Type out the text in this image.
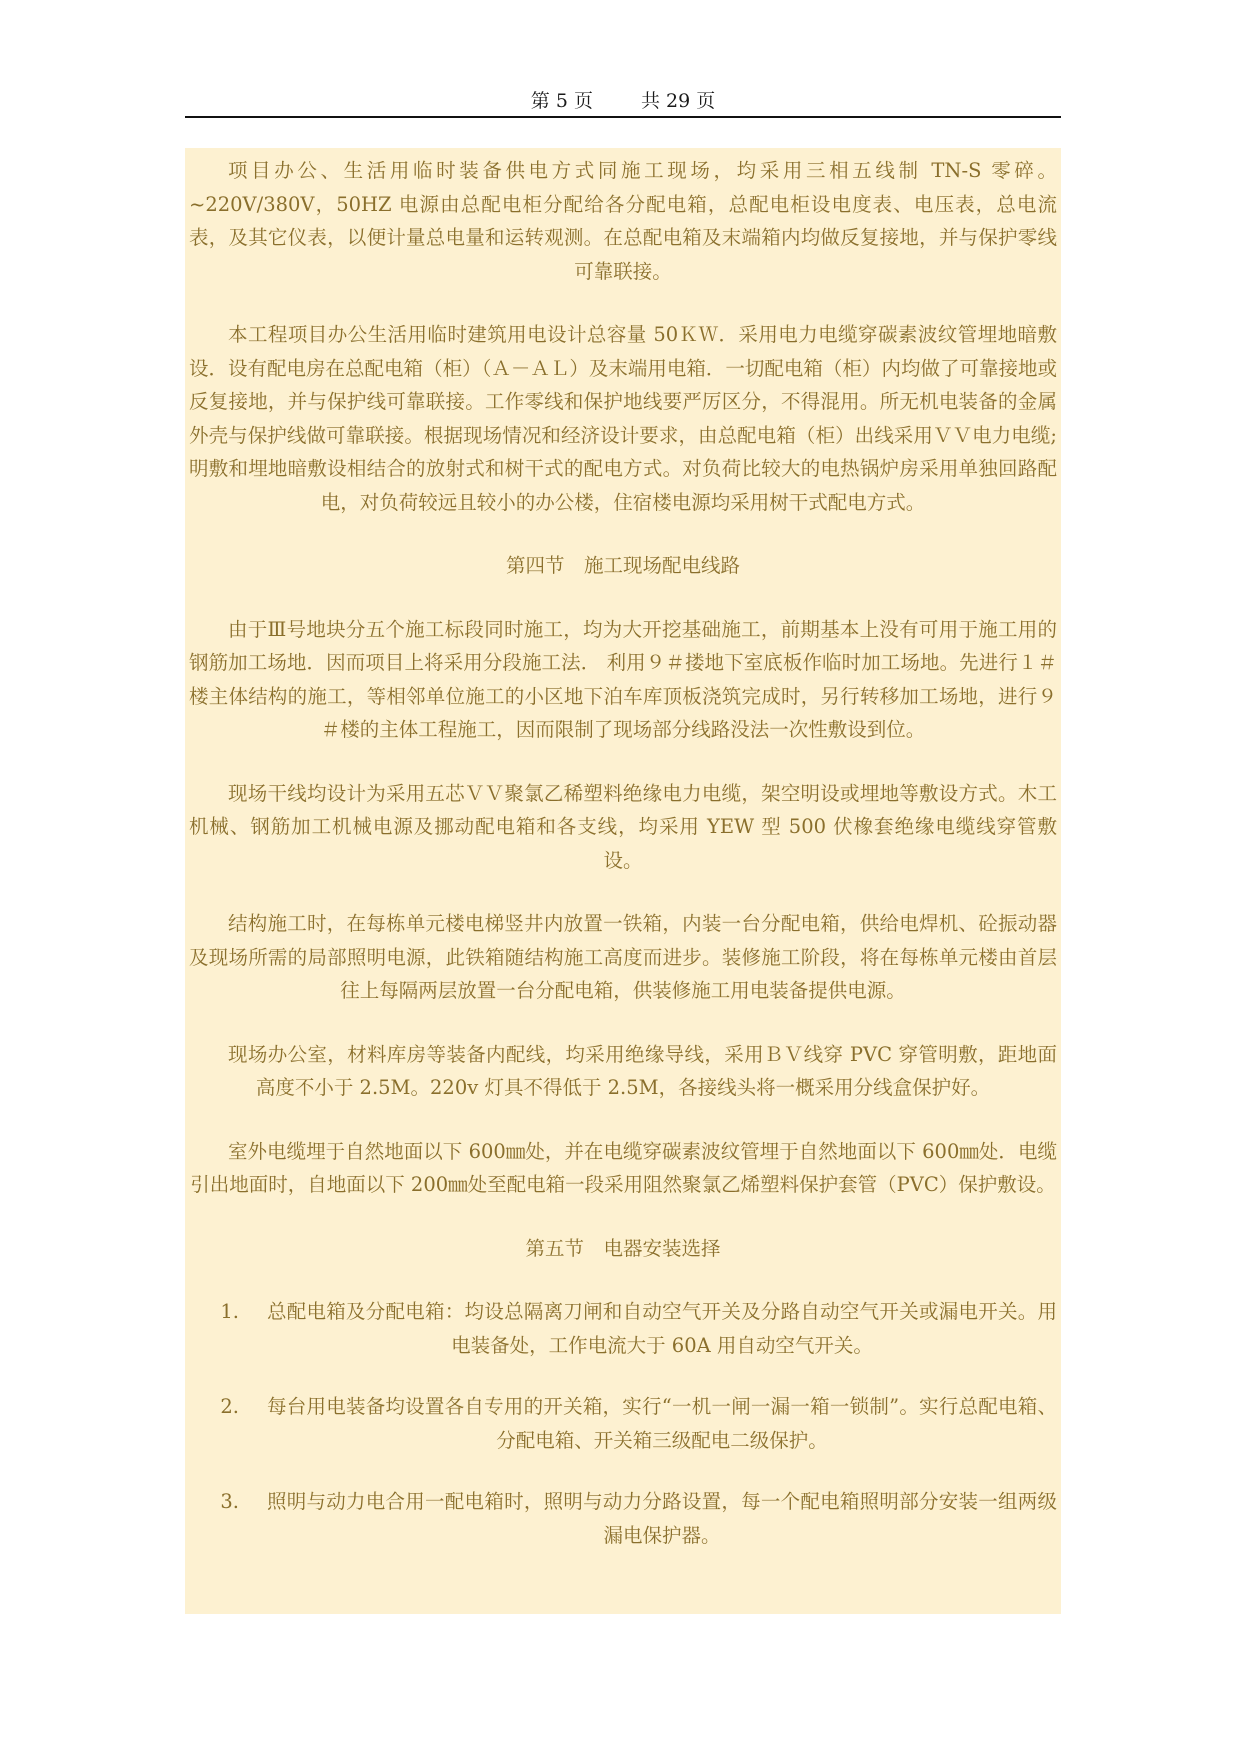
第 5 页	共 29 页

项目办公、生活用临时装备供电方式同施工现场，均采用三相五线制 TN-S 零碎。~220V/380V，50HZ 电源由总配电柜分配给各分配电箱，总配电柜设电度表、电压表，总电流表，及其它仪表，以便计量总电量和运转观测。在总配电箱及末端箱内均做反复接地，并与保护零线可靠联接。

本工程项目办公生活用临时建筑用电设计总容量 50ＫＷ．采用电力电缆穿碳素波纹管埋地暗敷设．设有配电房在总配电箱（柜）（Ａ－ＡＬ）及末端用电箱．一切配电箱（柜）内均做了可靠接地或反复接地，并与保护线可靠联接。工作零线和保护地线要严厉区分，不得混用。所无机电装备的金属外壳与保护线做可靠联接。根据现场情况和经济设计要求，由总配电箱（柜）出线采用ＶＶ电力电缆; 明敷和埋地暗敷设相结合的放射式和树干式的配电方式。对负荷比较大的电热锅炉房采用单独回路配电，对负荷较远且较小的办公楼，住宿楼电源均采用树干式配电方式。

第四节　施工现场配电线路

由于Ⅲ号地块分五个施工标段同时施工，均为大开挖基础施工，前期基本上没有可用于施工用的钢筋加工场地．因而项目上将采用分段施工法． 利用９＃搂地下室底板作临时加工场地。先进行１＃楼主体结构的施工，等相邻单位施工的小区地下泊车库顶板浇筑完成时，另行转移加工场地，进行９＃楼的主体工程施工，因而限制了现场部分线路没法一次性敷设到位。

现场干线均设计为采用五芯ＶＶ聚氯乙稀塑料绝缘电力电缆，架空明设或埋地等敷设方式。木工机械、钢筋加工机械电源及挪动配电箱和各支线，均采用 YEW 型 500 伏橡套绝缘电缆线穿管敷设。

结构施工时，在每栋单元楼电梯竖井内放置一铁箱，内装一台分配电箱，供给电焊机、砼振动器及现场所需的局部照明电源，此铁箱随结构施工高度而进步。装修施工阶段，将在每栋单元楼由首层往上每隔两层放置一台分配电箱，供装修施工用电装备提供电源。

现场办公室，材料库房等装备内配线，均采用绝缘导线，采用ＢＶ线穿 PVC 穿管明敷，距地面高度不小于 2.5M。220v 灯具不得低于 2.5M，各接线头将一概采用分线盒保护好。

室外电缆埋于自然地面以下 600㎜处，并在电缆穿碳素波纹管埋于自然地面以下 600㎜处．电缆引出地面时，自地面以下 200㎜处至配电箱一段采用阻然聚氯乙烯塑料保护套管（PVC）保护敷设。

第五节　电器安装选择

1.	总配电箱及分配电箱：均设总隔离刀闸和自动空气开关及分路自动空气开关或漏电开关。用电装备处，工作电流大于 60A 用自动空气开关。
2.	每台用电装备均设置各自专用的开关箱，实行“一机一闸一漏一箱一锁制”。实行总配电箱、分配电箱、开关箱三级配电二级保护。
3.	照明与动力电合用一配电箱时，照明与动力分路设置，每一个配电箱照明部分安装一组两级漏电保护器。
